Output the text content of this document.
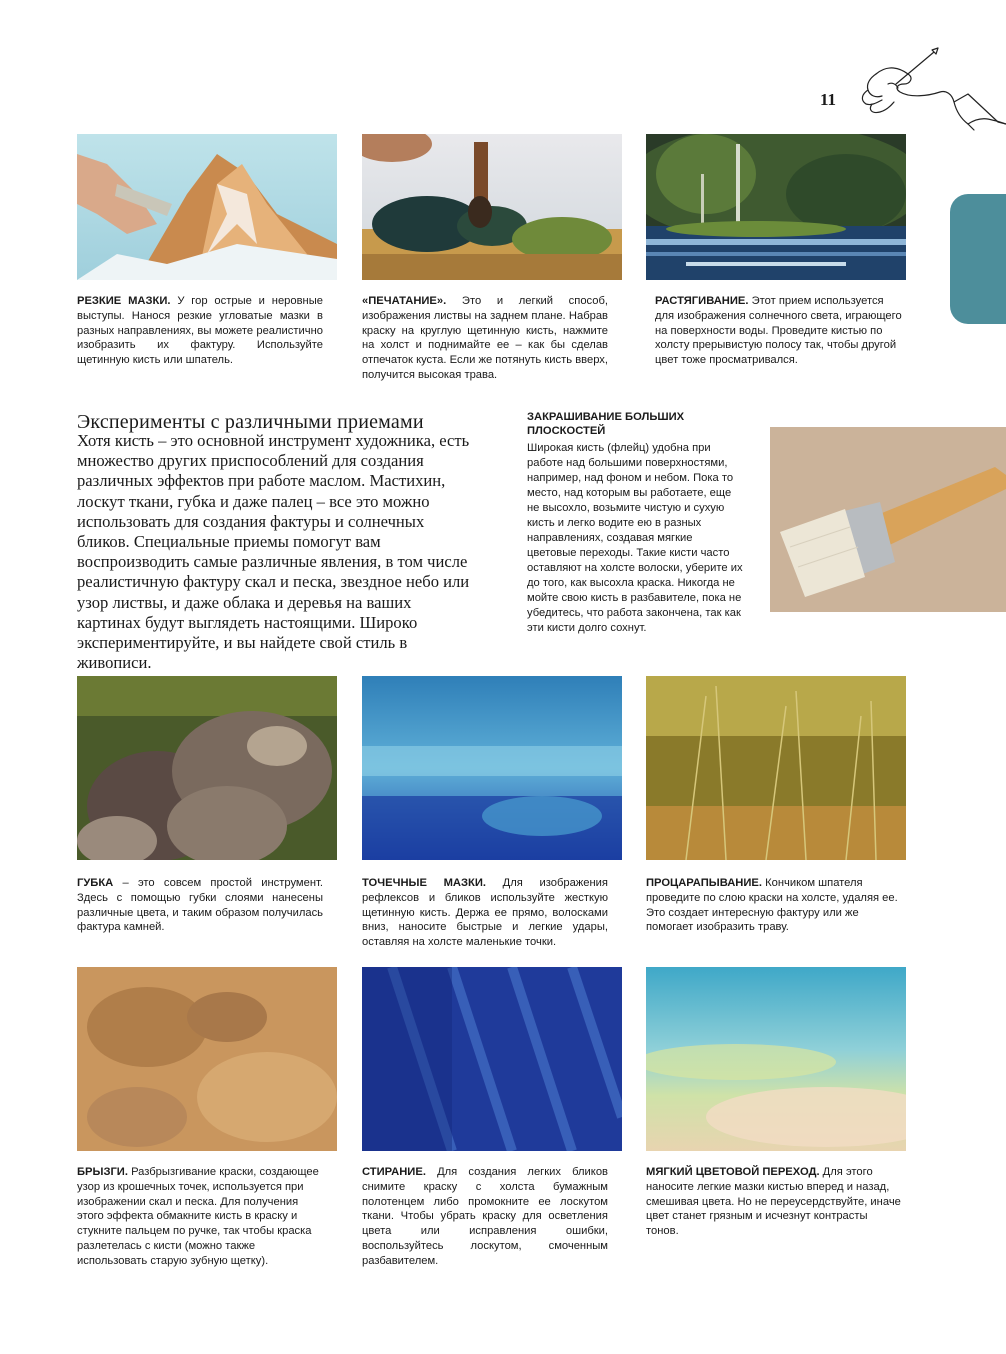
11
РЕЗКИЕ МАЗКИ. У гор острые и неровные выступы. Нанося резкие угловатые мазки в разных направлениях, вы можете реалистично изобразить их фактуру. Используйте щетинную кисть или шпатель.
«ПЕЧАТАНИЕ». Это и легкий способ, изображения листвы на заднем плане. Набрав краску на круглую щетинную кисть, нажмите на холст и поднимайте ее – как бы сделав отпечаток куста. Если же потянуть кисть вверх, получится высокая трава.
РАСТЯГИВАНИЕ. Этот прием используется для изображения солнечного света, играющего на поверхности воды. Проведите кистью по холсту прерывистую полосу так, чтобы другой цвет тоже просматривался.
Эксперименты с различными приемами
Хотя кисть – это основной инструмент художника, есть множество других приспособлений для создания различных эффектов при работе маслом. Мастихин, лоскут ткани, губка и даже палец – все это можно использовать для создания фактуры и солнечных бликов. Специальные приемы помогут вам воспроизводить самые различные явления, в том числе реалистичную фактуру скал и песка, звездное небо или узор листвы, и даже облака и деревья на ваших картинах будут выглядеть настоящими. Широко экспериментируйте, и вы найдете свой стиль в живописи.
ЗАКРАШИВАНИЕ БОЛЬШИХ ПЛОСКОСТЕЙ
Широкая кисть (флейц) удобна при работе над большими поверхностями, например, над фоном и небом. Пока то место, над которым вы работаете, еще не высохло, возьмите чистую и сухую кисть и легко водите ею в разных направлениях, создавая мягкие цветовые переходы. Такие кисти часто оставляют на холсте волоски, уберите их до того, как высохла краска. Никогда не мойте свою кисть в разбавителе, пока не убедитесь, что работа закончена, так как эти кисти долго сохнут.
ГУБКА – это совсем простой инструмент. Здесь с помощью губки слоями нанесены различные цвета, и таким образом получилась фактура камней.
ТОЧЕЧНЫЕ МАЗКИ. Для изображения рефлексов и бликов используйте жесткую щетинную кисть. Держа ее прямо, волосками вниз, наносите быстрые и легкие удары, оставляя на холсте маленькие точки.
ПРОЦАРАПЫВАНИЕ. Кончиком шпателя проведите по слою краски на холсте, удаляя ее. Это создает интересную фактуру или же помогает изобразить траву.
БРЫЗГИ. Разбрызгивание краски, создающее узор из крошечных точек, используется при изображении скал и песка. Для получения этого эффекта обмакните кисть в краску и стукните пальцем по ручке, так чтобы краска разлетелась с кисти (можно также использовать старую зубную щетку).
СТИРАНИЕ. Для создания легких бликов снимите краску с холста бумажным полотенцем либо промокните ее лоскутом ткани. Чтобы убрать краску для осветления цвета или исправления ошибки, воспользуйтесь лоскутом, смоченным разбавителем.
МЯГКИЙ ЦВЕТОВОЙ ПЕРЕХОД. Для этого наносите легкие мазки кистью вперед и назад, смешивая цвета. Но не переусердствуйте, иначе цвет станет грязным и исчезнут контрасты тонов.
